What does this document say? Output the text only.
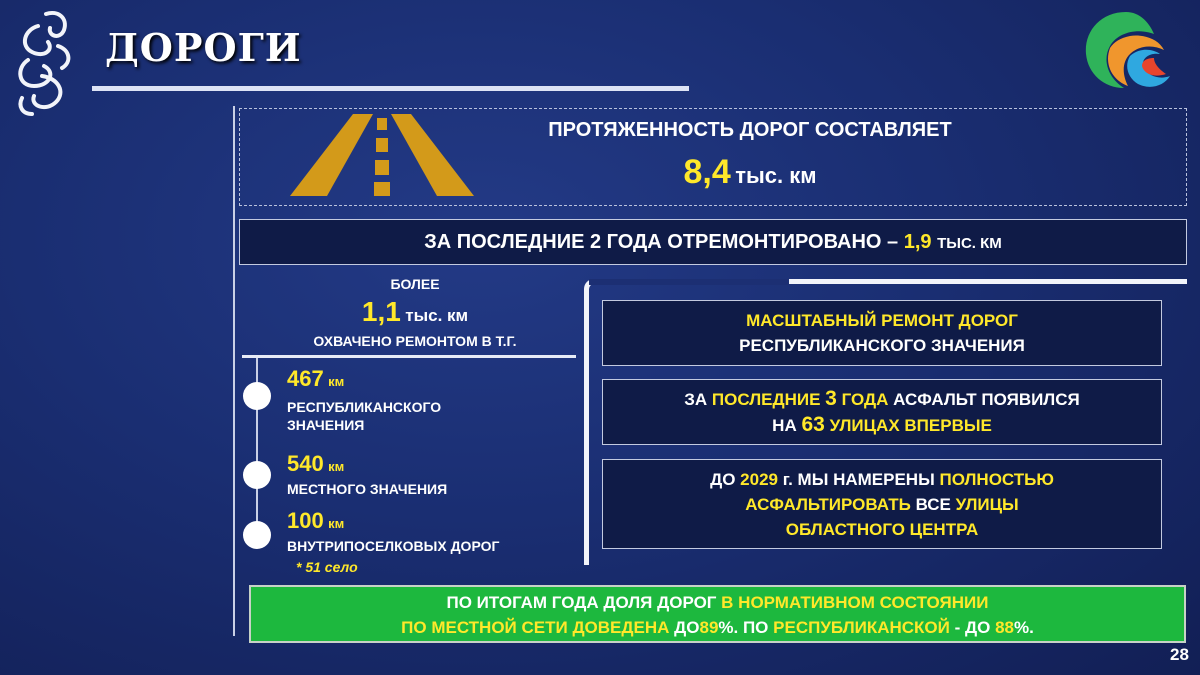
ДОРОГИ
ПРОТЯЖЕННОСТЬ ДОРОГ СОСТАВЛЯЕТ
8,4 тыс. км
ЗА ПОСЛЕДНИЕ 2 ГОДА ОТРЕМОНТИРОВАНО – 1,9 ТЫС. КМ
БОЛЕЕ
1,1 тыс. км
ОХВАЧЕНО РЕМОНТОМ В Т.Г.
467 км
РЕСПУБЛИКАНСКОГО
ЗНАЧЕНИЯ
540 км
МЕСТНОГО ЗНАЧЕНИЯ
100 км
ВНУТРИПОСЕЛКОВЫХ ДОРОГ
* 51 село
МАСШТАБНЫЙ РЕМОНТ ДОРОГ
РЕСПУБЛИКАНСКОГО ЗНАЧЕНИЯ
ЗА ПОСЛЕДНИЕ 3 ГОДА АСФАЛЬТ ПОЯВИЛСЯ
НА 63 УЛИЦАХ ВПЕРВЫЕ
ДО 2029 г. МЫ НАМЕРЕНЫ ПОЛНОСТЬЮ
АСФАЛЬТИРОВАТЬ ВСЕ УЛИЦЫ
ОБЛАСТНОГО ЦЕНТРА
ПО ИТОГАМ ГОДА ДОЛЯ ДОРОГ В НОРМАТИВНОМ СОСТОЯНИИ
ПО МЕСТНОЙ СЕТИ ДОВЕДЕНА ДО89%. ПО РЕСПУБЛИКАНСКОЙ - ДО 88%.
28
